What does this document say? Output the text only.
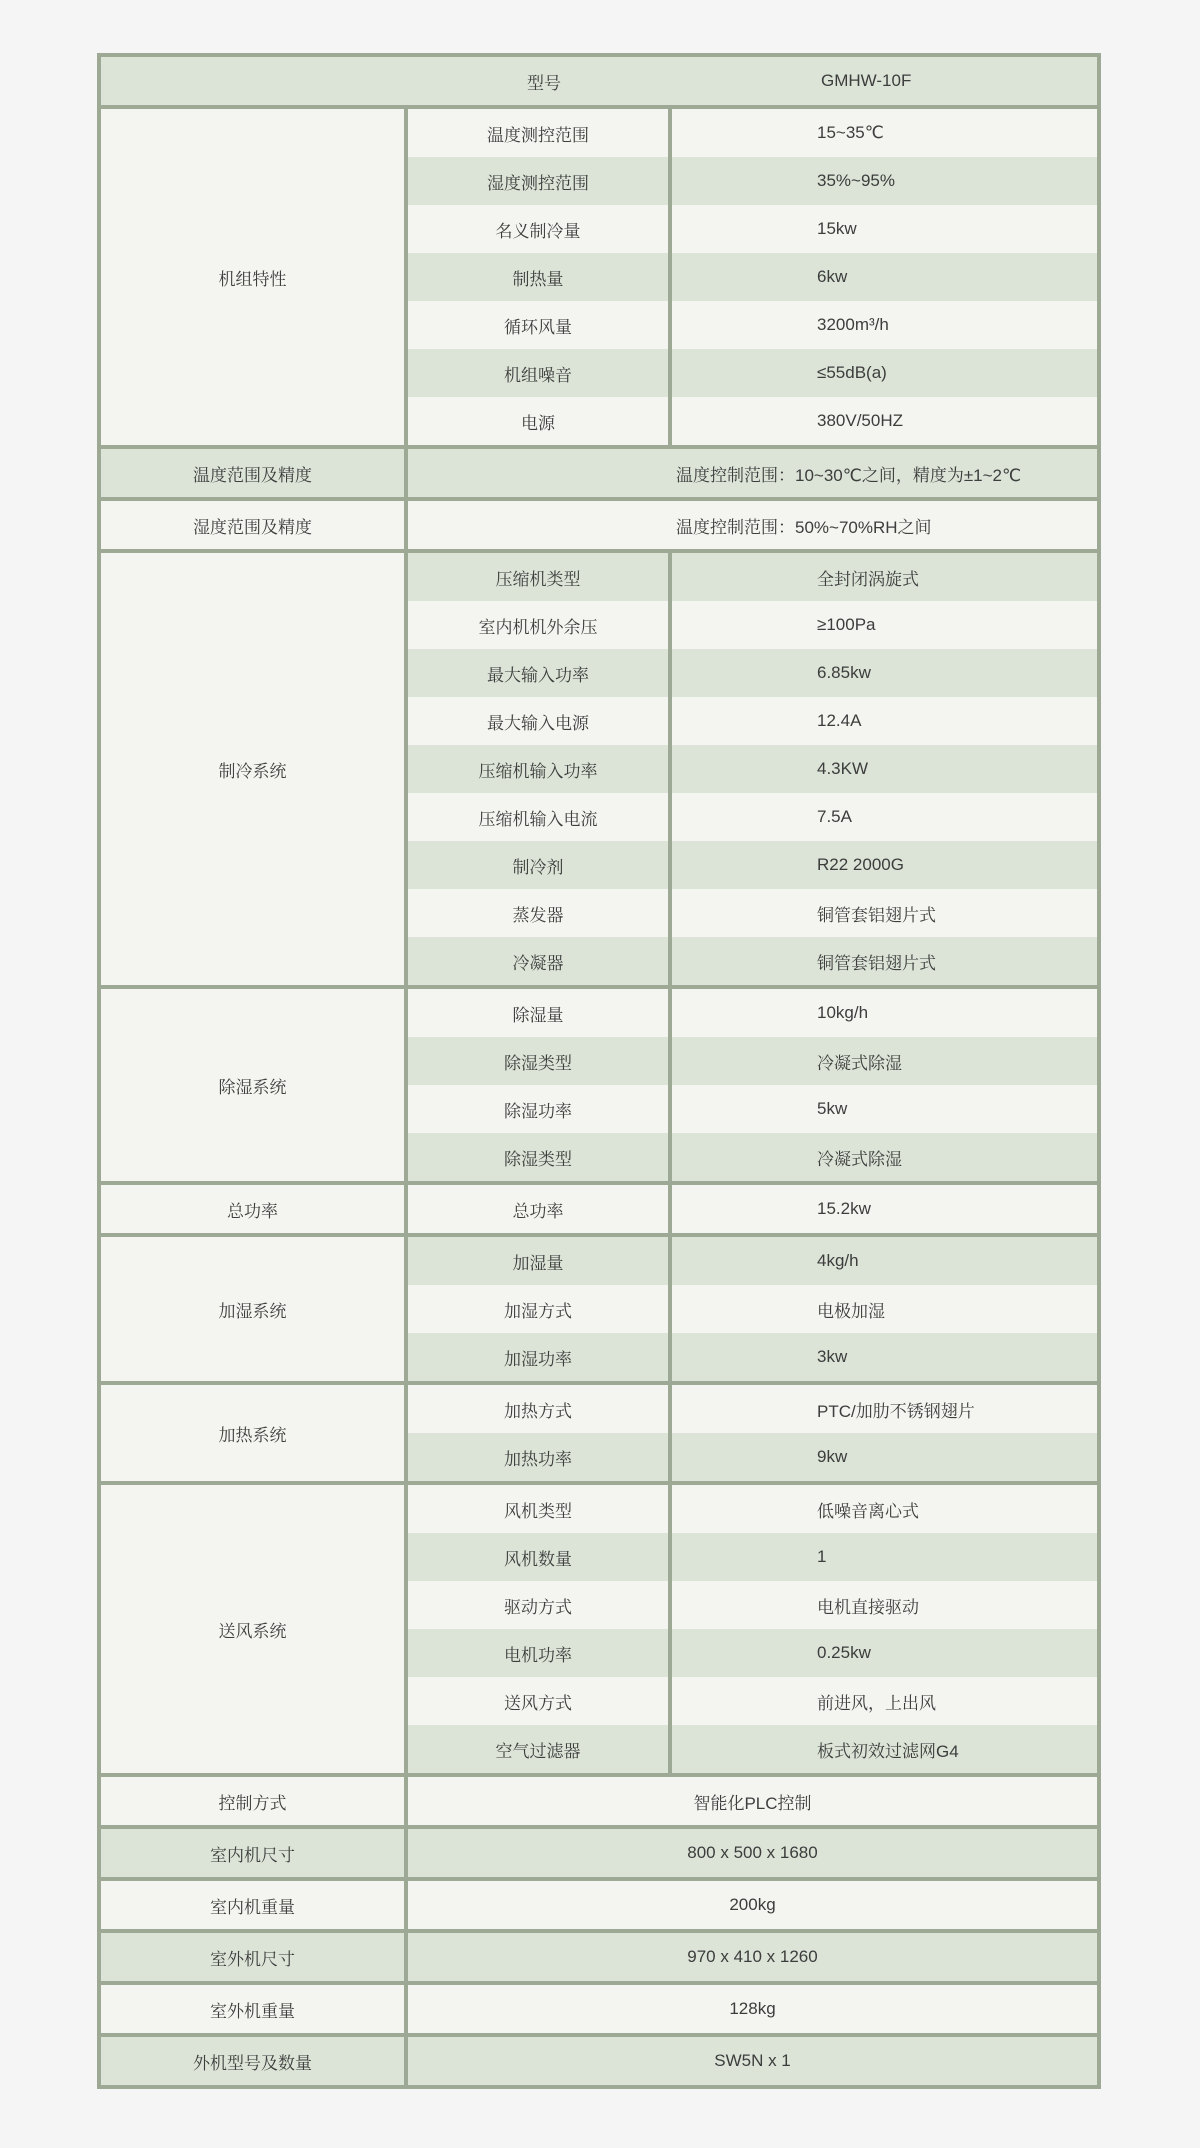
型号	GMHW-10F
机组特性
温度测控范围	15~35℃
湿度测控范围	35%~95%
名义制冷量	15kw
制热量	6kw
循环风量	3200m³/h
机组噪音	≤55dB(a)
电源	380V/50HZ
温度范围及精度	温度控制范围：10~30℃之间，精度为±1~2℃
湿度范围及精度	温度控制范围：50%~70%RH之间
制冷系统
压缩机类型	全封闭涡旋式
室内机机外余压	≥100Pa
最大输入功率	6.85kw
最大输入电源	12.4A
压缩机输入功率	4.3KW
压缩机输入电流	7.5A
制冷剂	R22 2000G
蒸发器	铜管套铝翅片式
冷凝器	铜管套铝翅片式
除湿系统
除湿量	10kg/h
除湿类型	冷凝式除湿
除湿功率	5kw
除湿类型	冷凝式除湿
总功率	总功率	15.2kw
加湿系统
加湿量	4kg/h
加湿方式	电极加湿
加湿功率	3kw
加热系统
加热方式	PTC/加肋不锈钢翅片
加热功率	9kw
送风系统
风机类型	低噪音离心式
风机数量	1
驱动方式	电机直接驱动
电机功率	0.25kw
送风方式	前进风，上出风
空气过滤器	板式初效过滤网G4
控制方式	智能化PLC控制
室内机尺寸	800 x 500 x 1680
室内机重量	200kg
室外机尺寸	970 x 410 x 1260
室外机重量	128kg
外机型号及数量	SW5N x 1
